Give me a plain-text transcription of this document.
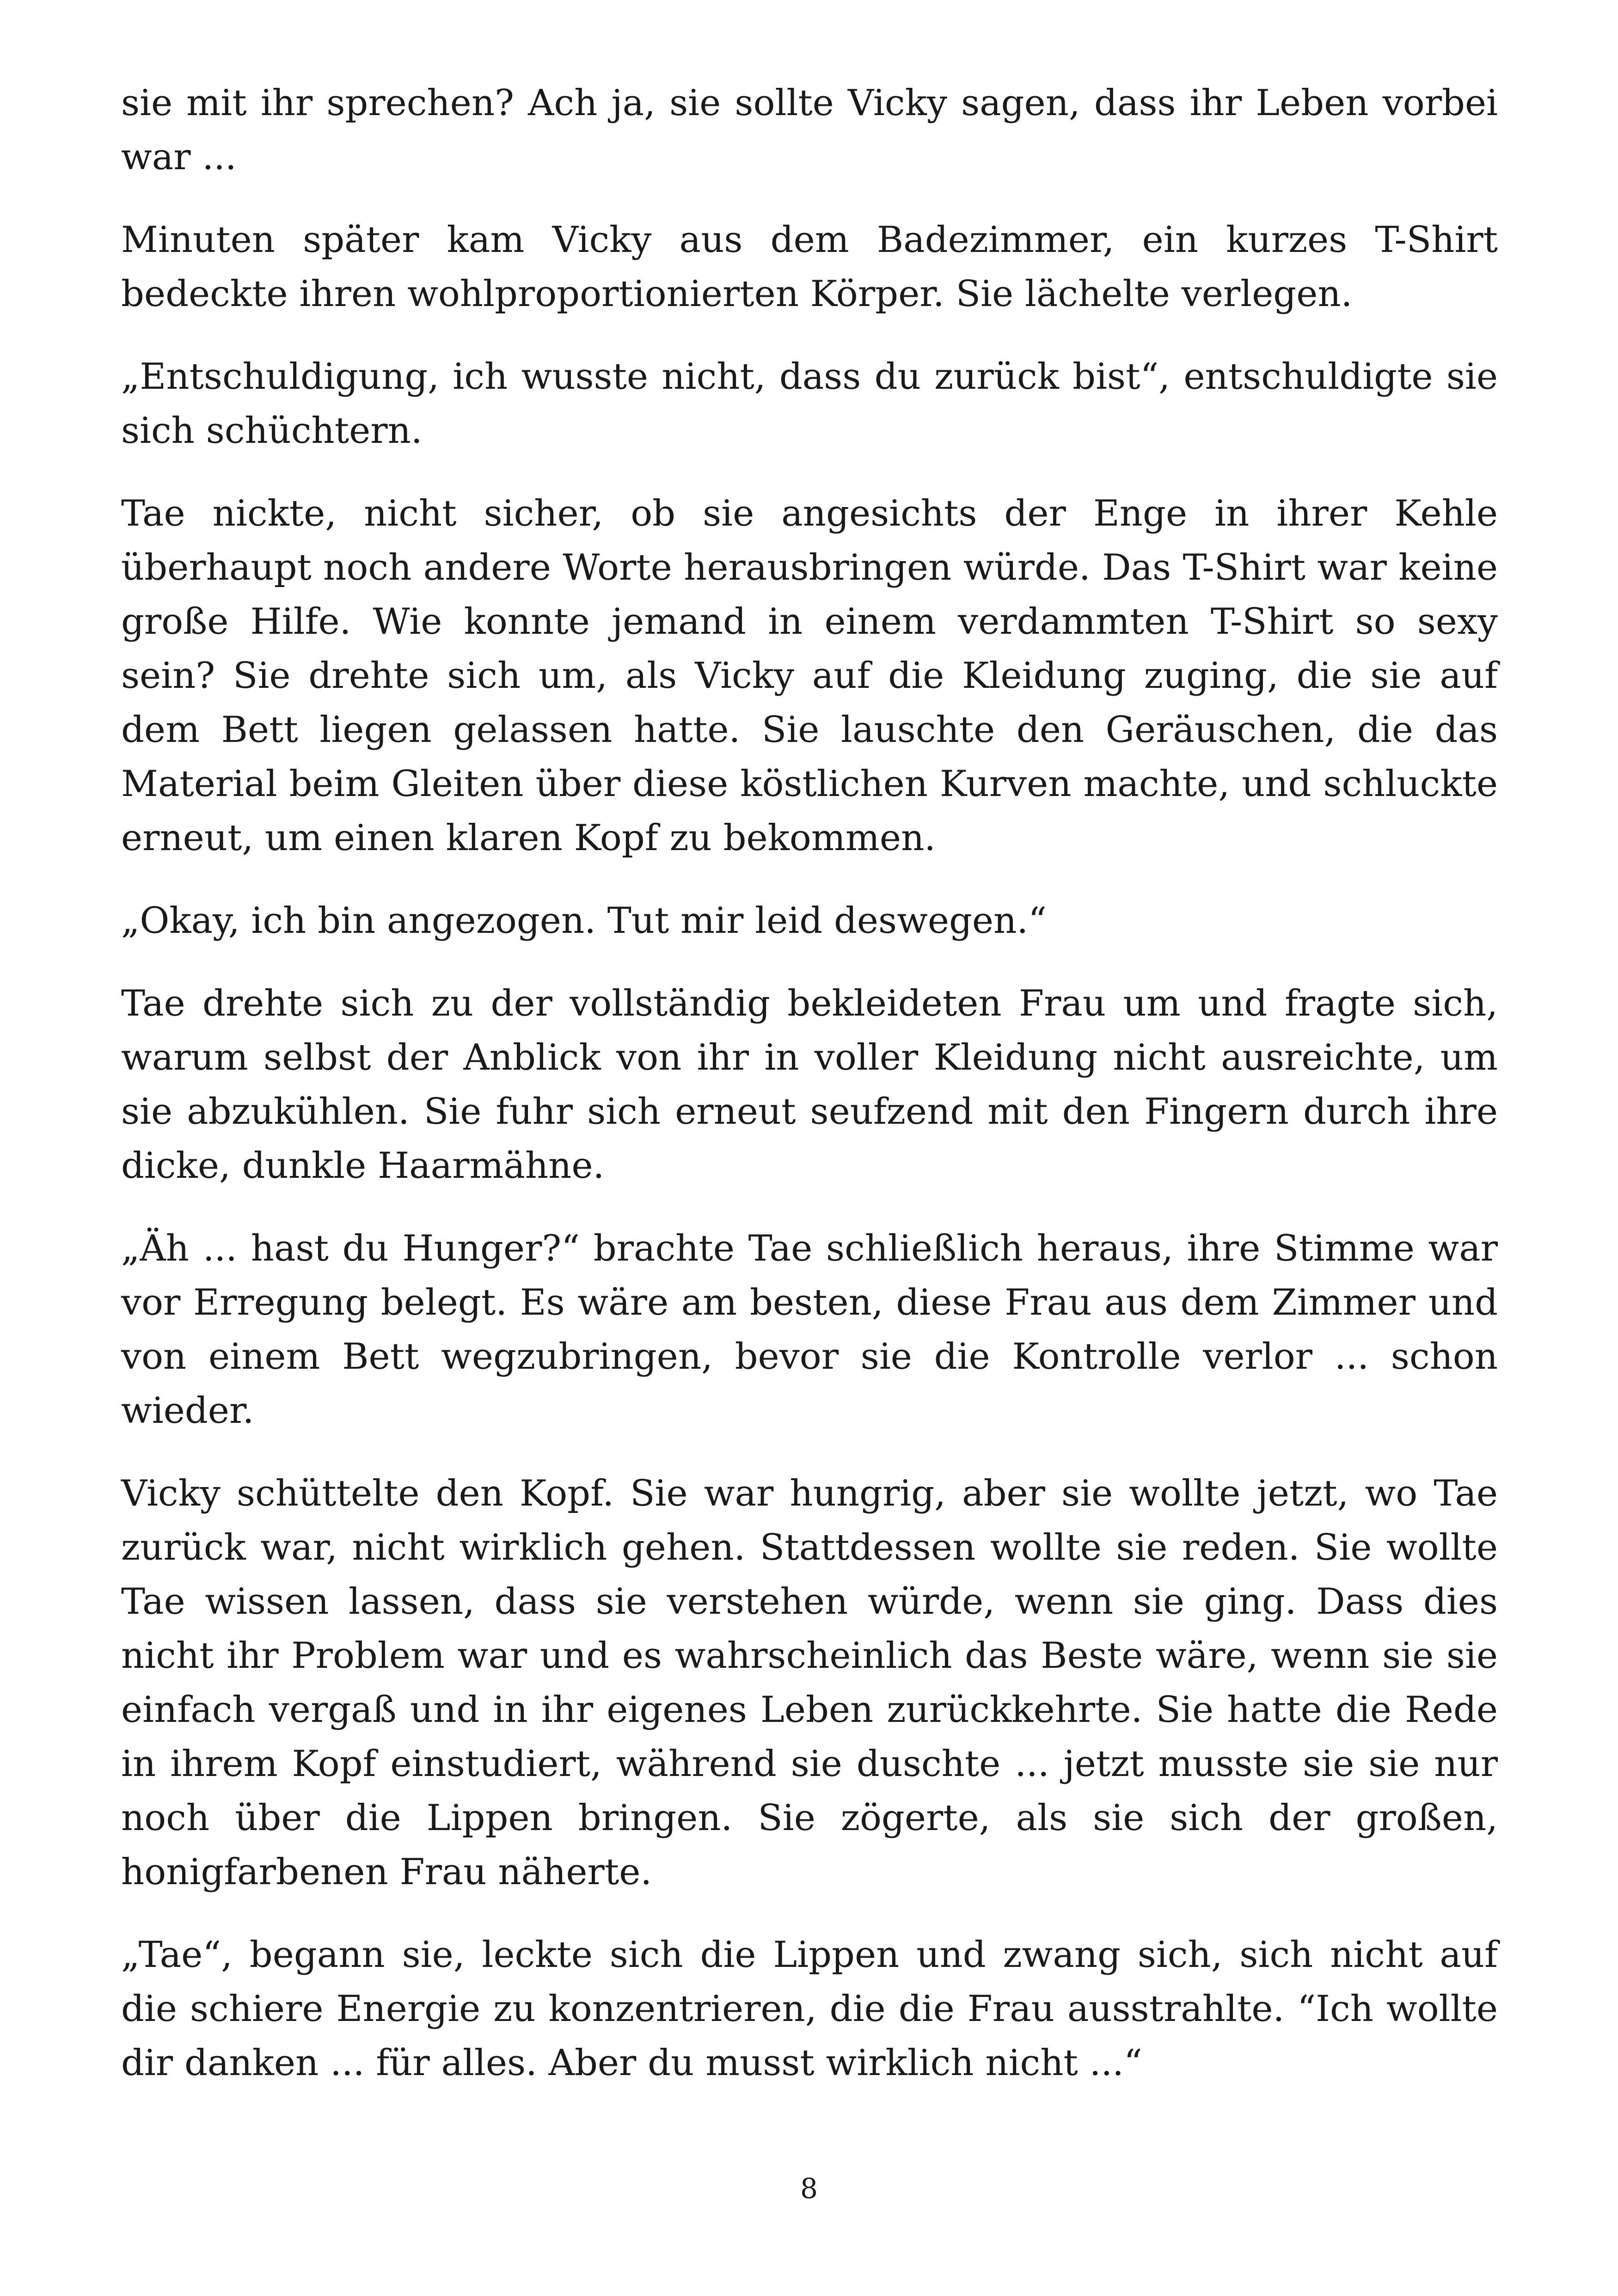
sie mit ihr sprechen? Ach ja, sie sollte Vicky sagen, dass ihr Leben vorbei war ...

Minuten später kam Vicky aus dem Badezimmer, ein kurzes T-Shirt bedeckte ihren wohlproportionierten Körper. Sie lächelte verlegen.

„Entschuldigung, ich wusste nicht, dass du zurück bist“, entschuldigte sie sich schüchtern.

Tae nickte, nicht sicher, ob sie angesichts der Enge in ihrer Kehle überhaupt noch andere Worte herausbringen würde. Das T-Shirt war keine große Hilfe. Wie konnte jemand in einem verdammten T-Shirt so sexy sein? Sie drehte sich um, als Vicky auf die Kleidung zuging, die sie auf dem Bett liegen gelassen hatte. Sie lauschte den Geräuschen, die das Material beim Gleiten über diese köstlichen Kurven machte, und schluckte erneut, um einen klaren Kopf zu bekommen.

„Okay, ich bin angezogen. Tut mir leid deswegen.“

Tae drehte sich zu der vollständig bekleideten Frau um und fragte sich, warum selbst der Anblick von ihr in voller Kleidung nicht ausreichte, um sie abzukühlen. Sie fuhr sich erneut seufzend mit den Fingern durch ihre dicke, dunkle Haarmähne.

„Äh ... hast du Hunger?“ brachte Tae schließlich heraus, ihre Stimme war vor Erregung belegt. Es wäre am besten, diese Frau aus dem Zimmer und von einem Bett wegzubringen, bevor sie die Kontrolle verlor ... schon wieder.

Vicky schüttelte den Kopf. Sie war hungrig, aber sie wollte jetzt, wo Tae zurück war, nicht wirklich gehen. Stattdessen wollte sie reden. Sie wollte Tae wissen lassen, dass sie verstehen würde, wenn sie ging. Dass dies nicht ihr Problem war und es wahrscheinlich das Beste wäre, wenn sie sie einfach vergaß und in ihr eigenes Leben zurückkehrte. Sie hatte die Rede in ihrem Kopf einstudiert, während sie duschte ... jetzt musste sie sie nur noch über die Lippen bringen. Sie zögerte, als sie sich der großen, honigfarbenen Frau näherte.

„Tae“, begann sie, leckte sich die Lippen und zwang sich, sich nicht auf die schiere Energie zu konzentrieren, die die Frau ausstrahlte. “Ich wollte dir danken ... für alles. Aber du musst wirklich nicht ...“

8
